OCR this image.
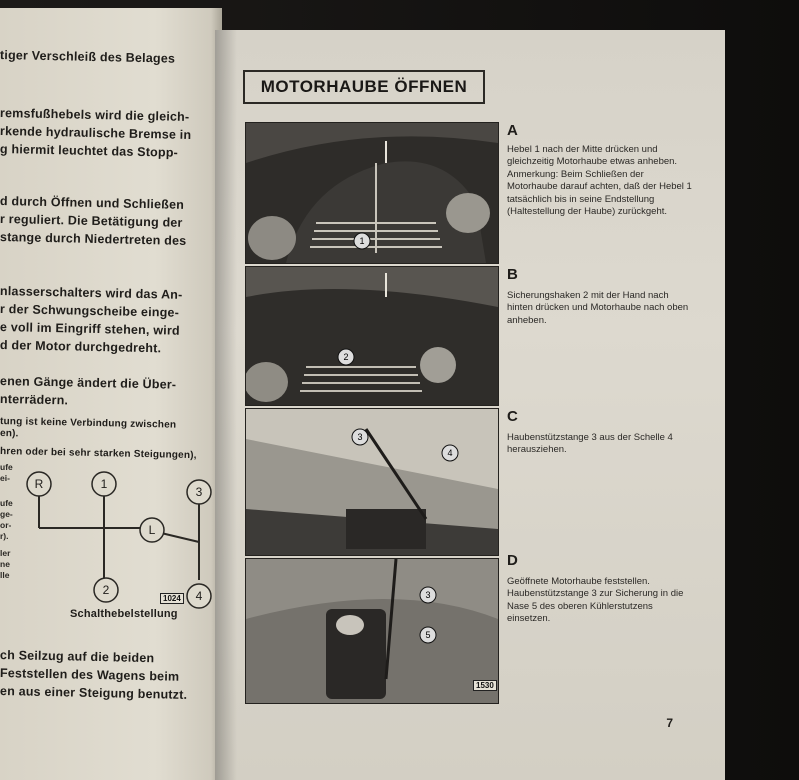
tiger Verschleiß des Belages
remsfußhebels wird die gleich-
rkende hydraulische Bremse in
g hiermit leuchtet das Stopp-
d durch Öffnen und Schließen
r reguliert. Die Betätigung der
stange durch Niedertreten des
nlasserschalters wird das An-
r der Schwungscheibe einge-
e voll im Eingriff stehen, wird
d der Motor durchgedreht.
enen Gänge ändert die Über-
nterrädern.
tung ist keine Verbindung zwischen
en).
hren oder bei sehr starken Steigungen),
ufe
ei-
ufe
ge-
or-
r).
ler
ne
lle
R	1
3
L
2	4
1024
Schalthebelstellung
ch Seilzug auf die beiden
Feststellen des Wagens beim
en aus einer Steigung benutzt.
MOTORHAUBE ÖFFNEN
1
2
3
4
3
5
1530
A

Hebel 1 nach der Mitte drücken und gleichzeitig Motorhaube etwas anheben.

Anmerkung: Beim Schließen der Motorhaube darauf achten, daß der Hebel 1 tatsächlich bis in seine Endstellung (Haltestellung der Haube) zurückgeht.

B

Sicherungshaken 2 mit der Hand nach hinten drücken und Motorhaube nach oben anheben.

C

Haubenstützstange 3 aus der Schelle 4 herausziehen.

D

Geöffnete Motorhaube feststellen. Haubenstützstange 3 zur Sicherung in die Nase 5 des oberen Kühlerstutzens einsetzen.

7
